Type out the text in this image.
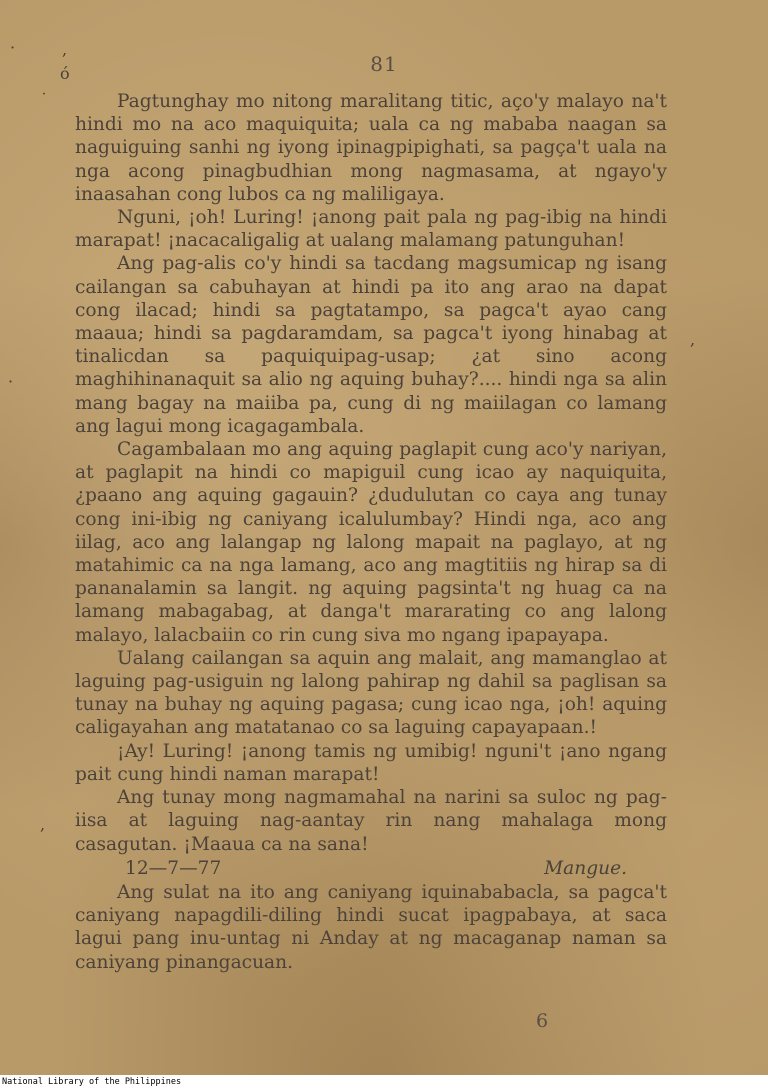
·	,
ó
˙
·
,
,
81

Pagtunghay mo nitong maralitang titic, aço'y malayo na't hindi mo na aco maquiquita; uala ca ng mababa naagan sa naguiguing sanhi ng iyong ipinagpipighati, sa pagça't uala na nga acong pinagbudhian mong nagmasama, at ngayo'y inaasahan cong lubos ca ng maliligaya.

Nguni, ¡oh! Luring! ¡anong pait pala ng pag-ibig na hindi marapat! ¡nacacaligalig at ualang malamang patunguhan!

Ang pag-alis co'y hindi sa tacdang magsumicap ng isang cailangan sa cabuhayan at hindi pa ito ang arao na dapat cong ilacad; hindi sa pagtatampo, sa pagca't ayao cang maaua; hindi sa pagdaramdam, sa pagca't iyong hinabag at tinalicdan sa paquiquipag-usap; ¿at sino acong maghihinanaquit sa alio ng aquing buhay?.... hindi nga sa alin mang bagay na maiiba pa, cung di ng maiilagan co lamang ang lagui mong icagagambala.

Cagambalaan mo ang aquing paglapit cung aco'y nariyan, at paglapit na hindi co mapiguil cung icao ay naquiquita, ¿paano ang aquing gagauin? ¿dudulutan co caya ang tunay cong ini-ibig ng caniyang icalulumbay? Hindi nga, aco ang iilag, aco ang lalangap ng lalong mapait na paglayo, at ng matahimic ca na nga lamang, aco ang magtitiis ng hirap sa di pananalamin sa langit. ng aquing pagsinta't ng huag ca na lamang mabagabag, at danga't mararating co ang lalong malayo, lalacbaiin co rin cung siva mo ngang ipapayapa.

Ualang cailangan sa aquin ang malait, ang mamanglao at laguing pag-usiguin ng lalong pahirap ng dahil sa paglisan sa tunay na buhay ng aquing pagasa; cung icao nga, ¡oh! aquing caligayahan ang matatanao co sa laguing capayapaan.!

¡Ay! Luring! ¡anong tamis ng umibig! nguni't ¡ano ngang pait cung hindi naman marapat!

Ang tunay mong nagmamahal na narini sa suloc ng pag-iisa at laguing nag-aantay rin nang mahalaga mong casagutan. ¡Maaua ca na sana!

12—7—77	Mangue.

Ang sulat na ito ang caniyang iquinababacla, sa pagca't caniyang napagdili-diling hindi sucat ipagpabaya, at saca lagui pang inu-untag ni Anday at ng macaganap naman sa caniyang pinangacuan.

6
National Library of the Philippines
